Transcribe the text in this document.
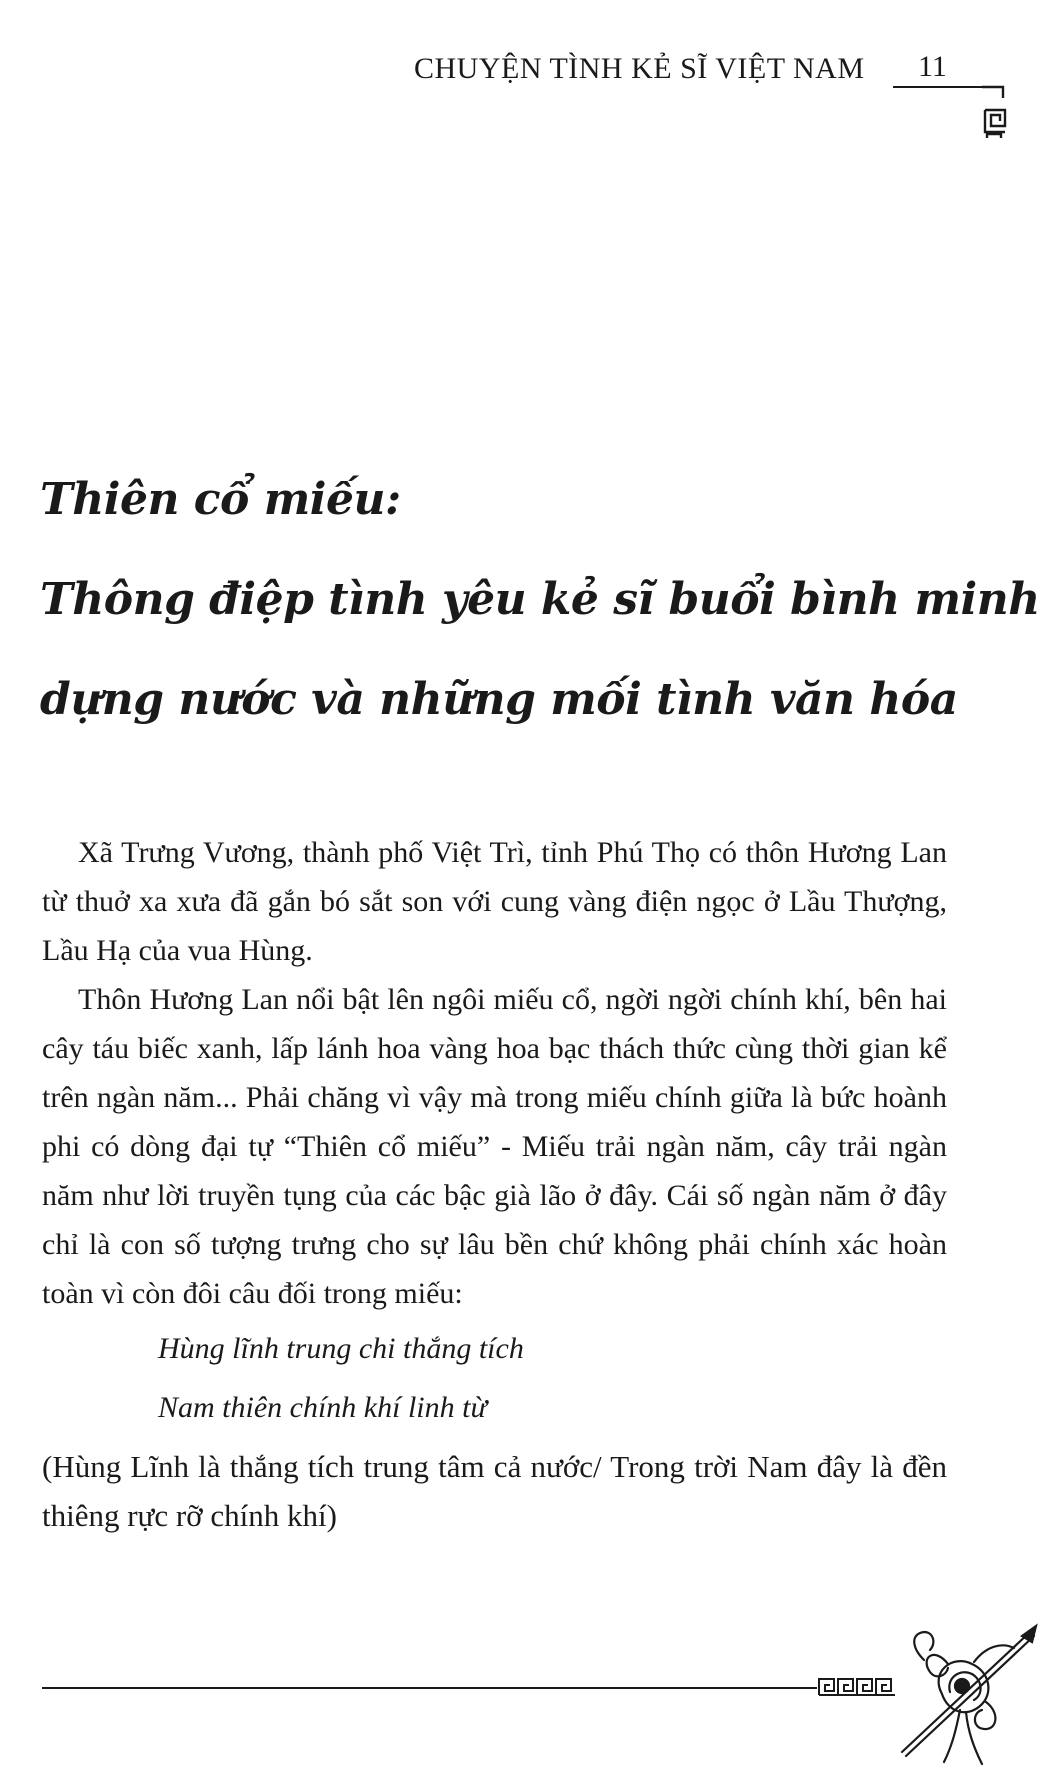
CHUYỆN TÌNH KẺ SĨ VIỆT NAM 11
Thiên cổ miếu:
Thông điệp tình yêu kẻ sĩ buổi bình minh
dựng nước và những mối tình văn hóa

Xã Trưng Vương, thành phố Việt Trì, tỉnh Phú Thọ có thôn Hương Lan từ thuở xa xưa đã gắn bó sắt son với cung vàng điện ngọc ở Lầu Thượng, Lầu Hạ của vua Hùng.

Thôn Hương Lan nổi bật lên ngôi miếu cổ, ngời ngời chính khí, bên hai cây táu biếc xanh, lấp lánh hoa vàng hoa bạc thách thức cùng thời gian kể trên ngàn năm... Phải chăng vì vậy mà trong miếu chính giữa là bức hoành phi có dòng đại tự “Thiên cổ miếu” - Miếu trải ngàn năm, cây trải ngàn năm như lời truyền tụng của các bậc già lão ở đây. Cái số ngàn năm ở đây chỉ là con số tượng trưng cho sự lâu bền chứ không phải chính xác hoàn toàn vì còn đôi câu đối trong miếu:

Hùng lĩnh trung chi thắng tích

Nam thiên chính khí linh từ

(Hùng Lĩnh là thắng tích trung tâm cả nước/ Trong trời Nam đây là đền thiêng rực rỡ chính khí)
